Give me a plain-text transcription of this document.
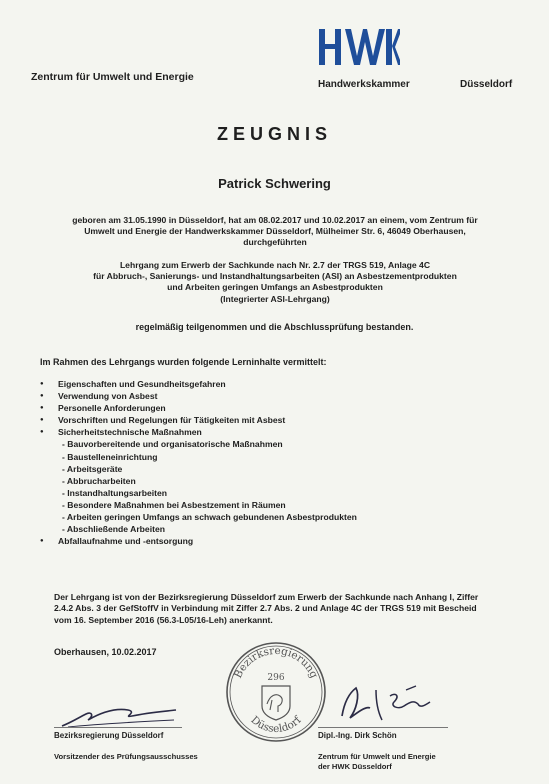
Zentrum für Umwelt und Energie
Handwerkskammer	Düsseldorf
ZEUGNIS
Patrick Schwering
geboren am 31.05.1990 in Düsseldorf, hat am 08.02.2017 und 10.02.2017 an einem, vom Zentrum für
Umwelt und Energie der Handwerkskammer Düsseldorf, Mülheimer Str. 6, 46049 Oberhausen,
durchgeführten
Lehrgang zum Erwerb der Sachkunde nach Nr. 2.7 der TRGS 519, Anlage 4C
für Abbruch-, Sanierungs- und Instandhaltungsarbeiten (ASI) an Asbestzementprodukten
und Arbeiten geringen Umfangs an Asbestprodukten
(Integrierter ASI-Lehrgang)
regelmäßig teilgenommen und die Abschlussprüfung bestanden.
Im Rahmen des Lehrgangs wurden folgende Lerninhalte vermittelt:
● Eigenschaften und Gesundheitsgefahren
● Verwendung von Asbest
● Personelle Anforderungen
● Vorschriften und Regelungen für Tätigkeiten mit Asbest
● Sicherheitstechnische Maßnahmen
- Bauvorbereitende und organisatorische Maßnahmen
- Baustelleneinrichtung
- Arbeitsgeräte
- Abbrucharbeiten
- Instandhaltungsarbeiten
- Besondere Maßnahmen bei Asbestzement in Räumen
- Arbeiten geringen Umfangs an schwach gebundenen Asbestprodukten
- Abschließende Arbeiten
● Abfallaufnahme und -entsorgung
Der Lehrgang ist von der Bezirksregierung Düsseldorf zum Erwerb der Sachkunde nach Anhang I, Ziffer
2.4.2 Abs. 3 der GefStoffV in Verbindung mit Ziffer 2.7 Abs. 2 und Anlage 4C der TRGS 519 mit Bescheid
vom 16. September 2016 (56.3-L05/16-Leh) anerkannt.
Oberhausen, 10.02.2017
Bezirksregierung
296
Düsseldorf
Bezirksregierung Düsseldorf
Vorsitzender des Prüfungsausschusses
Dipl.-Ing. Dirk Schön
Zentrum für Umwelt und Energie
der HWK Düsseldorf
